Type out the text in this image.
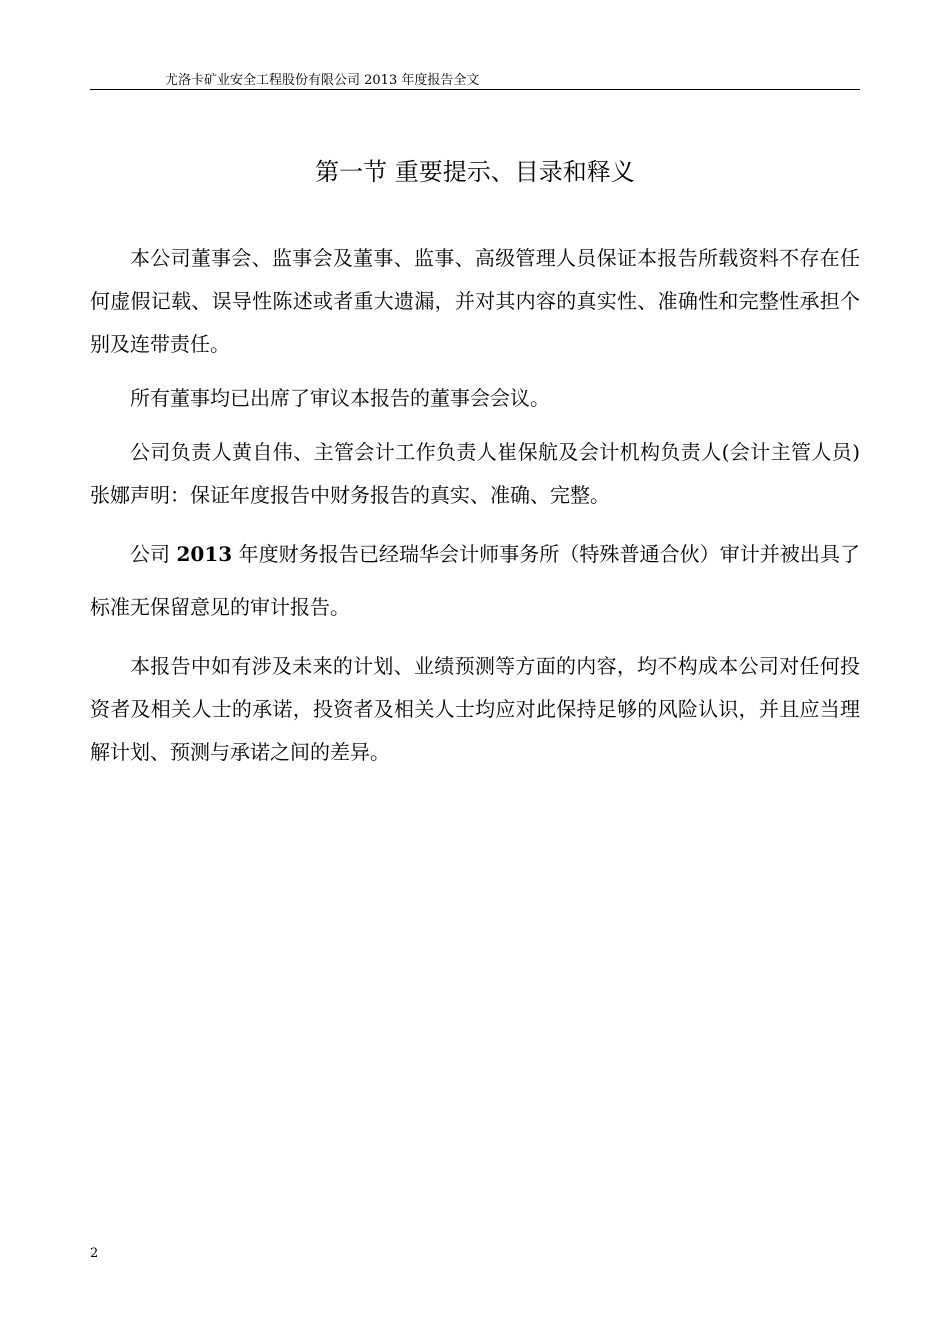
尤洛卡矿业安全工程股份有限公司 2013 年度报告全文
第一节 重要提示、目录和释义

本公司董事会、监事会及董事、监事、高级管理人员保证本报告所载资料不存在任何虚假记载、误导性陈述或者重大遗漏，并对其内容的真实性、准确性和完整性承担个别及连带责任。

所有董事均已出席了审议本报告的董事会会议。

公司负责人黄自伟、主管会计工作负责人崔保航及会计机构负责人(会计主管人员)张娜声明：保证年度报告中财务报告的真实、准确、完整。

公司 2013 年度财务报告已经瑞华会计师事务所（特殊普通合伙）审计并被出具了标准无保留意见的审计报告。

本报告中如有涉及未来的计划、业绩预测等方面的内容，均不构成本公司对任何投资者及相关人士的承诺，投资者及相关人士均应对此保持足够的风险认识，并且应当理解计划、预测与承诺之间的差异。

2
